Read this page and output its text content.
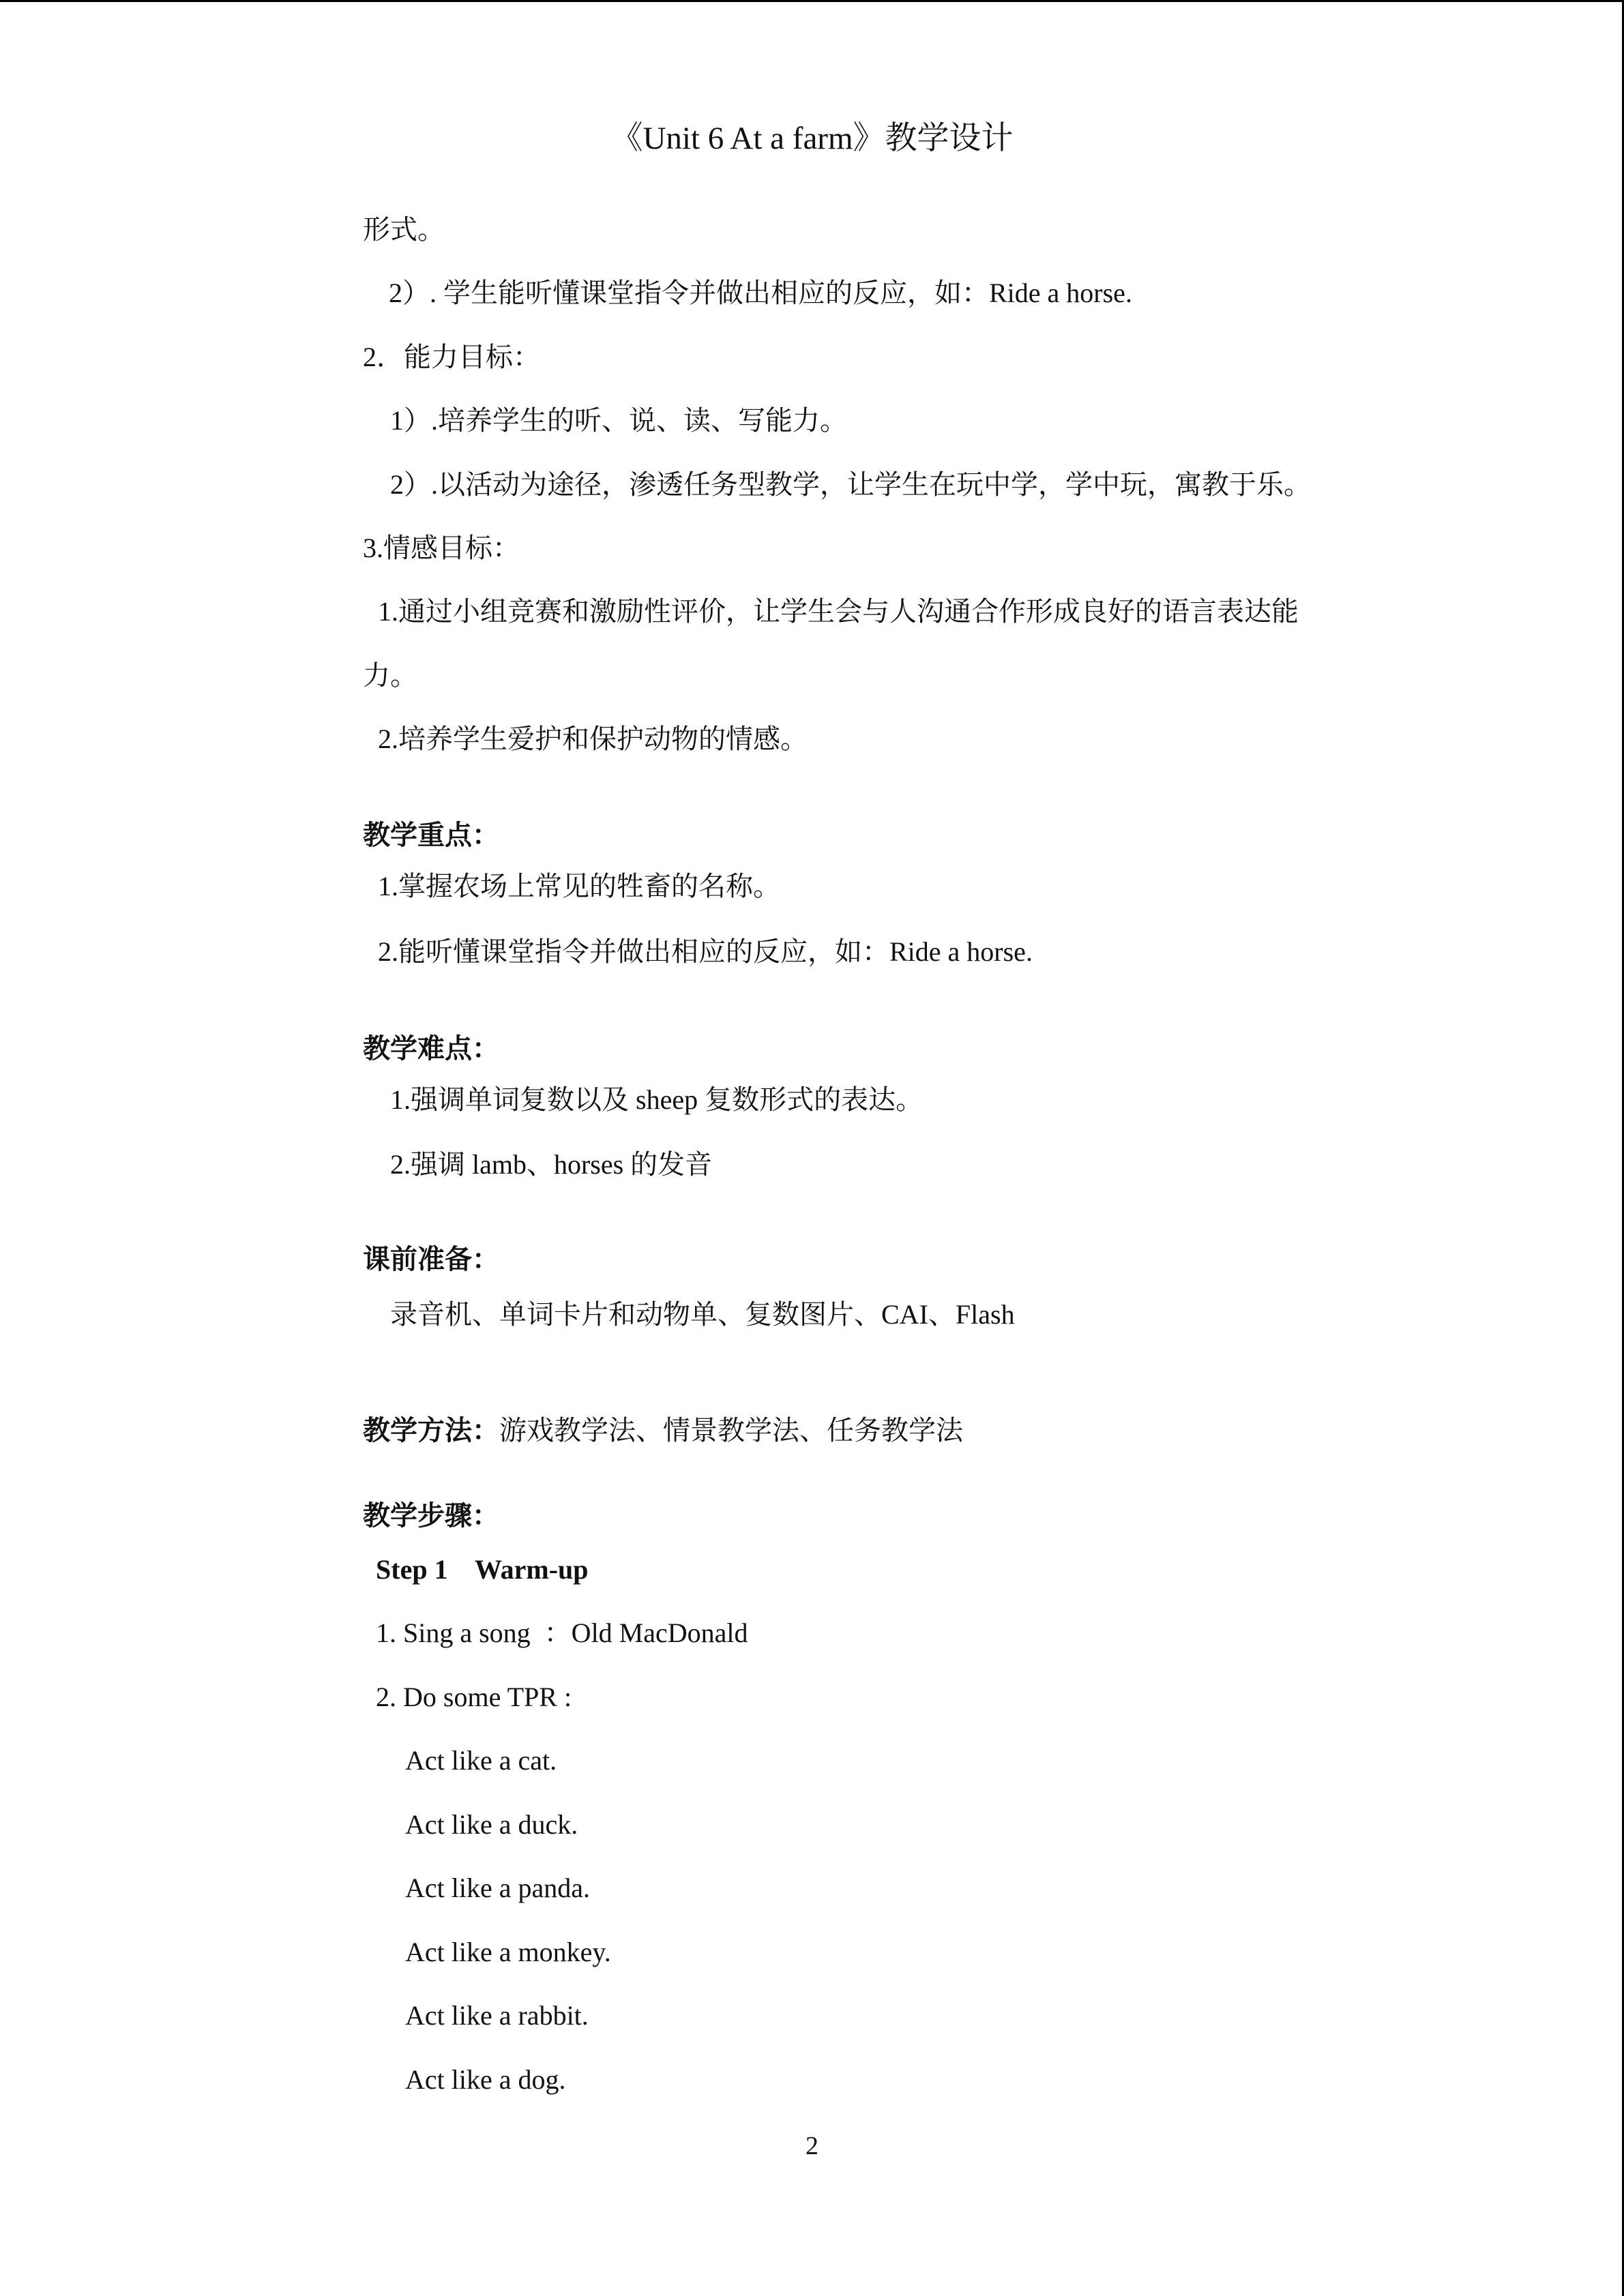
《Unit 6 At a farm》教学设计
形式。
2）. 学生能听懂课堂指令并做出相应的反应，如：Ride a horse.
2．能力目标：
1）.培养学生的听、说、读、写能力。
2）.以活动为途径，渗透任务型教学，让学生在玩中学，学中玩，寓教于乐。
3.情感目标：
1.通过小组竞赛和激励性评价，让学生会与人沟通合作形成良好的语言表达能
力。
2.培养学生爱护和保护动物的情感。
教学重点：
1.掌握农场上常见的牲畜的名称。
2.能听懂课堂指令并做出相应的反应，如：Ride a horse.
教学难点：
1.强调单词复数以及 sheep 复数形式的表达。
2.强调 lamb、horses 的发音
课前准备：
录音机、单词卡片和动物单、复数图片、CAI、Flash
教学方法：游戏教学法、情景教学法、任务教学法
教学步骤：
Step 1    Warm-up
1. Sing a song  ：Old MacDonald
2. Do some TPR :
Act like a cat.
Act like a duck.
Act like a panda.
Act like a monkey.
Act like a rabbit.
Act like a dog.
2
